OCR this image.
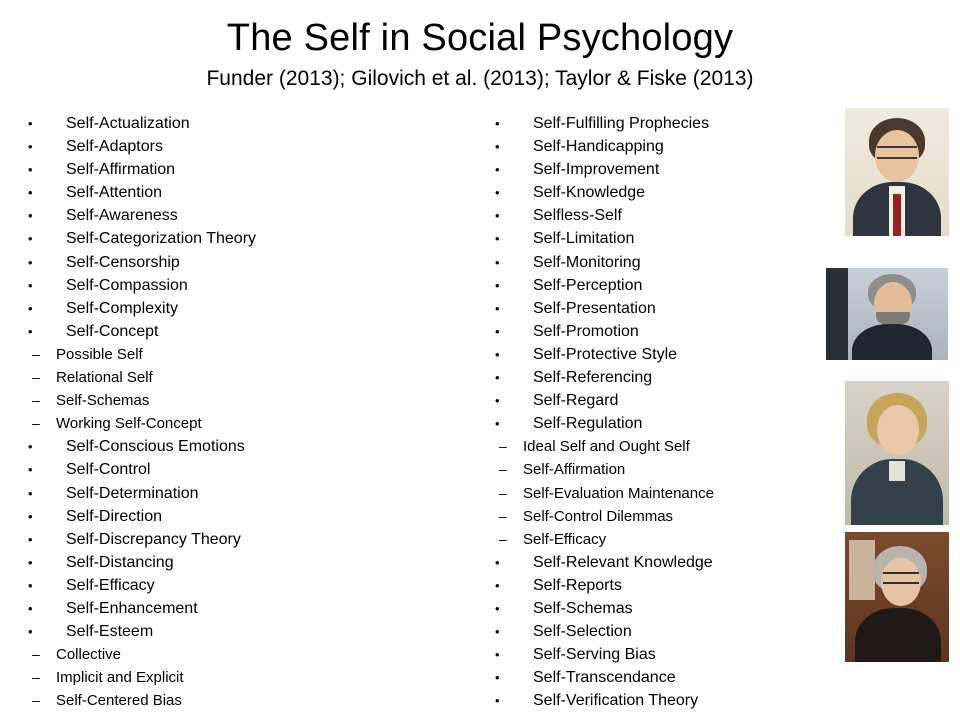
The Self in Social Psychology
Funder (2013); Gilovich et al. (2013); Taylor & Fiske (2013)
• Self-Actualization
• Self-Adaptors
• Self-Affirmation
• Self-Attention
• Self-Awareness
• Self-Categorization Theory
• Self-Censorship
• Self-Compassion
• Self-Complexity
• Self-Concept
– Possible Self
– Relational Self
– Self-Schemas
– Working Self-Concept
• Self-Conscious Emotions
• Self-Control
• Self-Determination
• Self-Direction
• Self-Discrepancy Theory
• Self-Distancing
• Self-Efficacy
• Self-Enhancement
• Self-Esteem
– Collective
– Implicit and Explicit
– Self-Centered Bias
• Self-Fulfilling Prophecies
• Self-Handicapping
• Self-Improvement
• Self-Knowledge
• Selfless-Self
• Self-Limitation
• Self-Monitoring
• Self-Perception
• Self-Presentation
• Self-Promotion
• Self-Protective Style
• Self-Referencing
• Self-Regard
• Self-Regulation
– Ideal Self and Ought Self
– Self-Affirmation
– Self-Evaluation Maintenance
– Self-Control Dilemmas
– Self-Efficacy
• Self-Relevant Knowledge
• Self-Reports
• Self-Schemas
• Self-Selection
• Self-Serving Bias
• Self-Transcendance
• Self-Verification Theory
